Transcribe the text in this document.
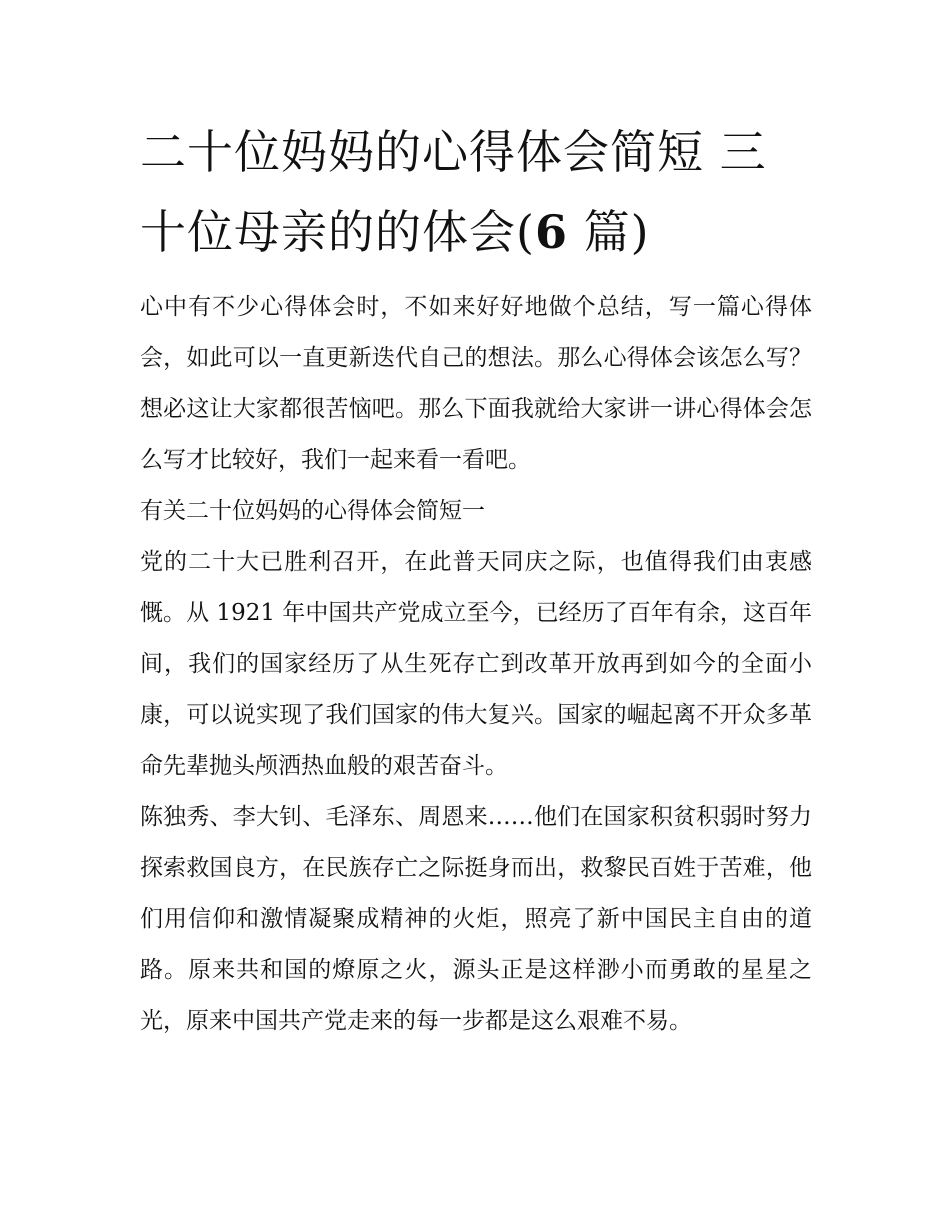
二十位妈妈的心得体会简短 三十位母亲的的体会(6 篇)

心中有不少心得体会时，不如来好好地做个总结，写一篇心得体会，如此可以一直更新迭代自己的想法。那么心得体会该怎么写？想必这让大家都很苦恼吧。那么下面我就给大家讲一讲心得体会怎么写才比较好，我们一起来看一看吧。

有关二十位妈妈的心得体会简短一

党的二十大已胜利召开，在此普天同庆之际，也值得我们由衷感慨。从 1921 年中国共产党成立至今，已经历了百年有余，这百年间，我们的国家经历了从生死存亡到改革开放再到如今的全面小康，可以说实现了我们国家的伟大复兴。国家的崛起离不开众多革命先辈抛头颅洒热血般的艰苦奋斗。

陈独秀、李大钊、毛泽东、周恩来……他们在国家积贫积弱时努力探索救国良方，在民族存亡之际挺身而出，救黎民百姓于苦难，他们用信仰和激情凝聚成精神的火炬，照亮了新中国民主自由的道路。原来共和国的燎原之火，源头正是这样渺小而勇敢的星星之光，原来中国共产党走来的每一步都是这么艰难不易。
